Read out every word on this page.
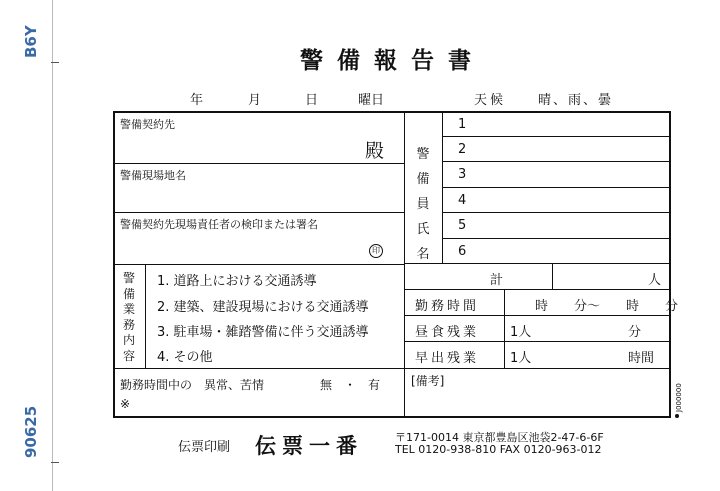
B6Y
90625
警備報告書
年	月	日	曜日	天候 晴、雨、曇
警備契約先
殿
警備現場地名
警備契約先現場責任者の検印または署名
印
警備業務内容
1. 道路上における交通誘導
2. 建築、建設現場における交通誘導
3. 駐車場・雑踏警備に伴う交通誘導
4. その他
勤務時間中の　異常、苦情	無　・　有
※
警備員氏名
1
2
3
4
5
6
計	人
勤務時間	時　　分〜　　時　　分
昼食残業 1人	分
早出残業 1人	時間
[備考]
J000000
伝票印刷 伝票一番	〒171-0014 東京都豊島区池袋2-47-6-6F
TEL 0120-938-810 FAX 0120-963-012
